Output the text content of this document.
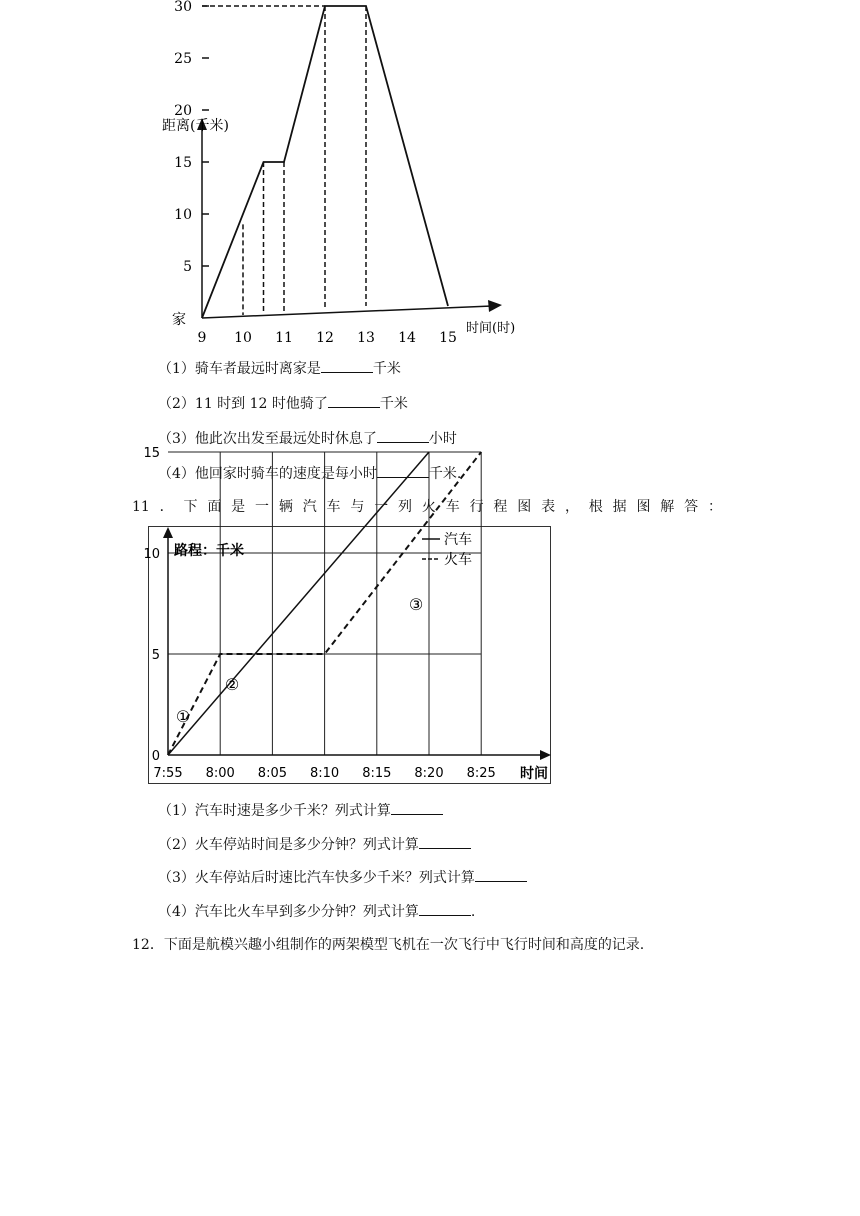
距离(千米)
时间(时)
家
5
10
15
20
25
30
9 10 11 12 13 14 15
（1）骑车者最远时离家是	千米
（2）11 时到 12 时他骑了	千米
（3）他此次出发至最远处时休息了	小时
（4）他回家时骑车的速度是每小时	千米.
11．下面是一辆汽车与一列火车行程图表，根据图解答：
路程：千米
时间
0
5
10
15
7:55 8:00 8:05 8:10 8:15 8:20 8:25
汽车
火车
①
②
③
（1）汽车时速是多少千米？列式计算
（2）火车停站时间是多少分钟？列式计算
（3）火车停站后时速比汽车快多少千米？列式计算
（4）汽车比火车早到多少分钟？列式计算	.
12．下面是航模兴趣小组制作的两架模型飞机在一次飞行中飞行时间和高度的记录.
